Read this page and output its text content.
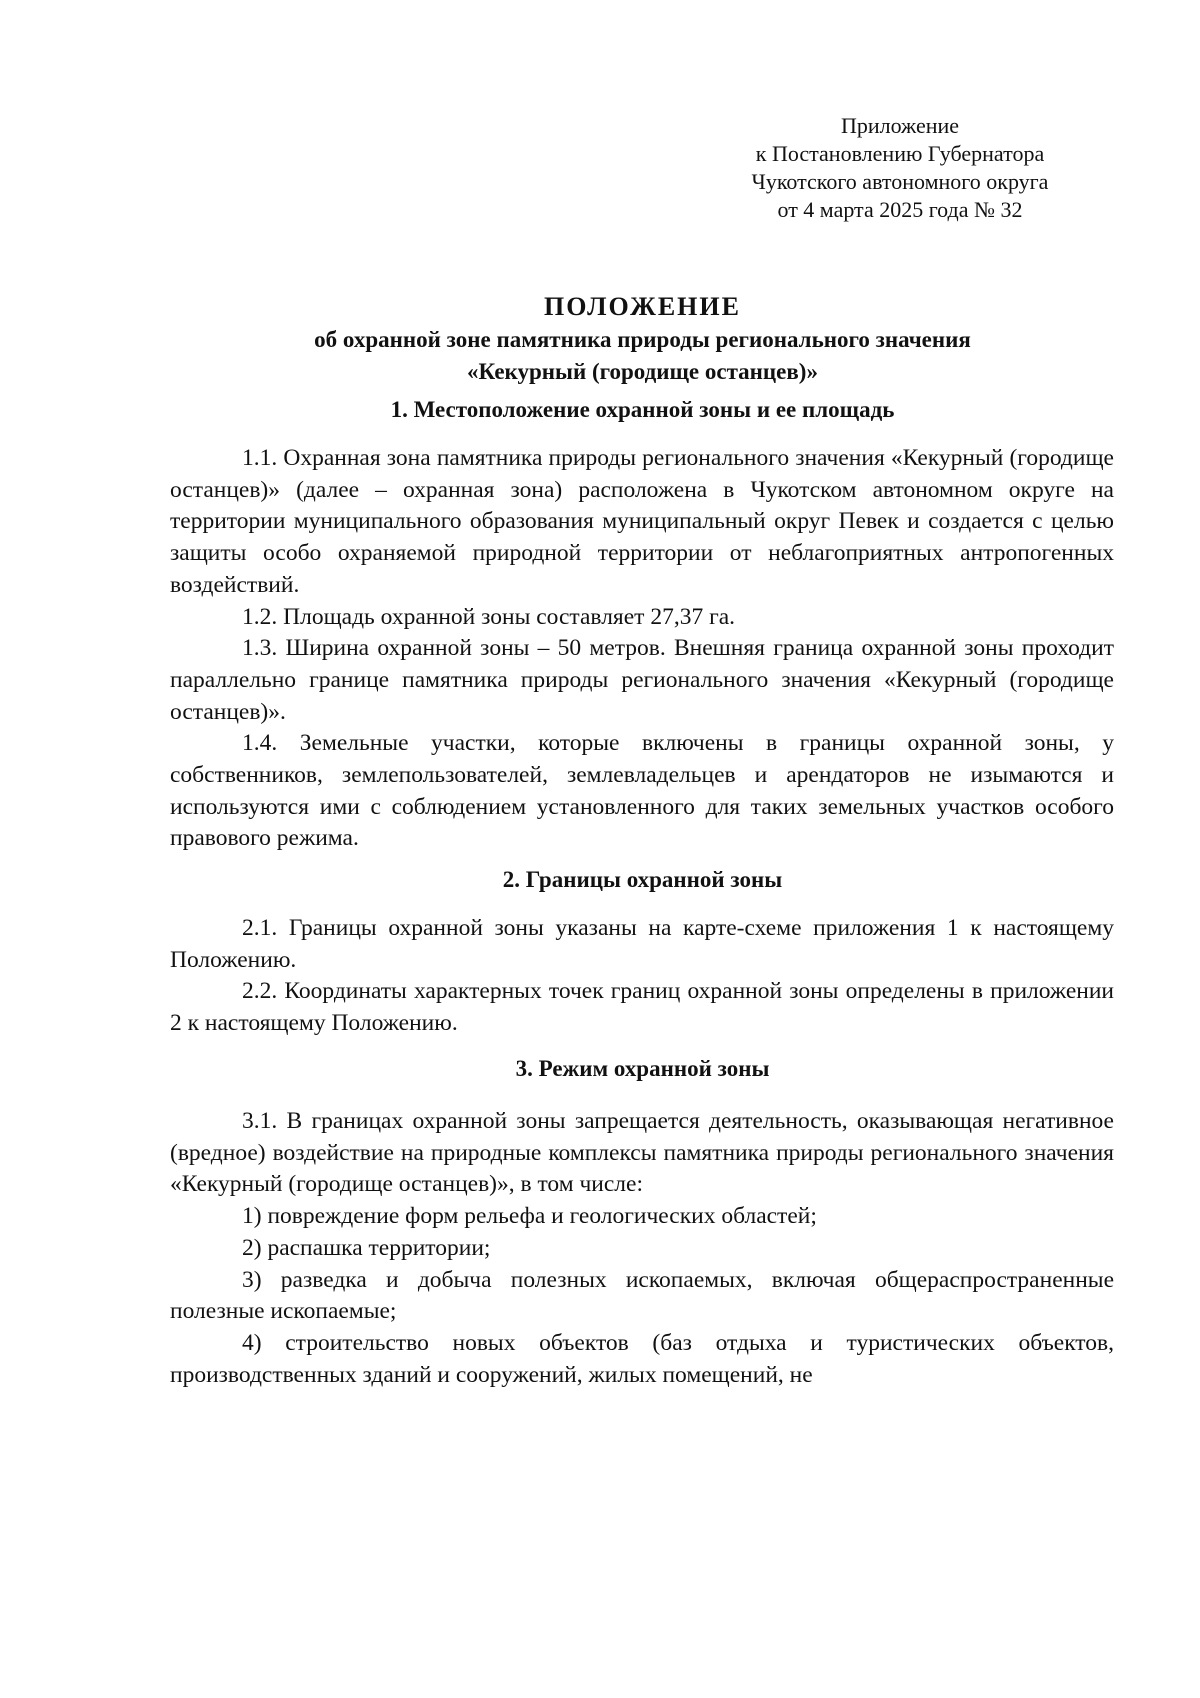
Приложение
к Постановлению Губернатора
Чукотского автономного округа
от 4 марта 2025 года № 32
ПОЛОЖЕНИЕ
об охранной зоне памятника природы регионального значения
«Кекурный (городище останцев)»
1. Местоположение охранной зоны и ее площадь

1.1. Охранная зона памятника природы регионального значения «Кекурный (городище останцев)» (далее – охранная зона) расположена в Чукотском автономном округе на территории муниципального образования муниципальный округ Певек и создается с целью защиты особо охраняемой природной территории от неблагоприятных антропогенных воздействий.

1.2. Площадь охранной зоны составляет 27,37 га.

1.3. Ширина охранной зоны – 50 метров. Внешняя граница охранной зоны проходит параллельно границе памятника природы регионального значения «Кекурный (городище останцев)».

1.4. Земельные участки, которые включены в границы охранной зоны, у собственников, землепользователей, землевладельцев и арендаторов не изымаются и используются ими с соблюдением установленного для таких земельных участков особого правового режима.

2. Границы охранной зоны

2.1. Границы охранной зоны указаны на карте-схеме приложения 1 к настоящему Положению.

2.2. Координаты характерных точек границ охранной зоны определены в приложении 2 к настоящему Положению.

3. Режим охранной зоны

3.1. В границах охранной зоны запрещается деятельность, оказывающая негативное (вредное) воздействие на природные комплексы памятника природы регионального значения «Кекурный (городище останцев)», в том числе:

1) повреждение форм рельефа и геологических областей;

2) распашка территории;

3) разведка и добыча полезных ископаемых, включая общераспространенные полезные ископаемые;

4) строительство новых объектов (баз отдыха и туристических объектов, производственных зданий и сооружений, жилых помещений, не
